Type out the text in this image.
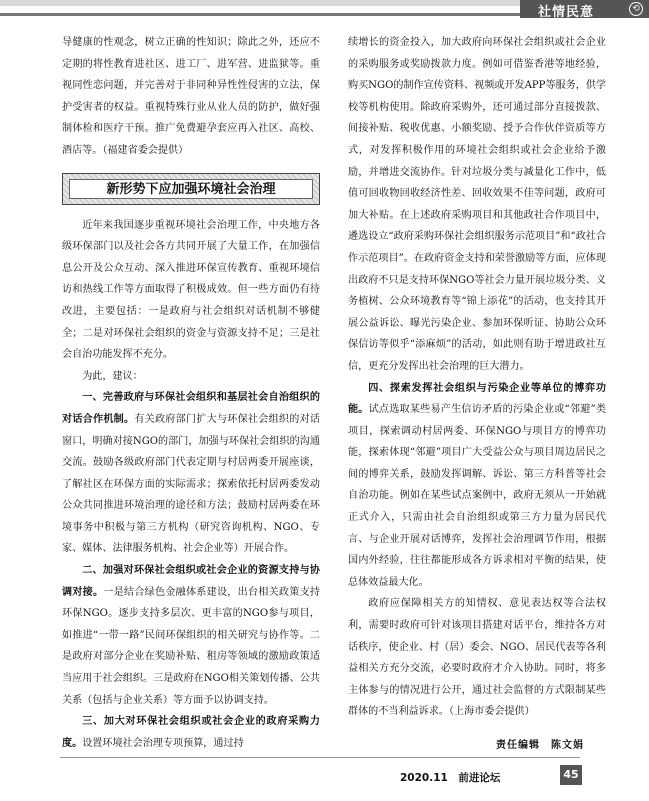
社情民意	⟲

导健康的性观念，树立正确的性知识；除此之外，还应不定期的将性教育进社区、进工厂、进军营、进监狱等。重视同性恋问题，并完善对于非同种异性性侵害的立法，保护受害者的权益。重视特殊行业从业人员的防护，做好强制体检和医疗干预。推广免费避孕套应再入社区、高校、酒店等。（福建省委会提供）

新形势下应加强环境社会治理

近年来我国逐步重视环境社会治理工作，中央地方各级环保部门以及社会各方共同开展了大量工作，在加强信息公开及公众互动、深入推进环保宣传教育、重视环境信访和热线工作等方面取得了积极成效。但一些方面仍有待改进，主要包括：一是政府与社会组织对话机制不够健全；二是对环保社会组织的资金与资源支持不足；三是社会自治功能发挥不充分。

为此，建议：

一、完善政府与环保社会组织和基层社会自治组织的对话合作机制。有关政府部门扩大与环保社会组织的对话窗口，明确对接NGO的部门，加强与环保社会组织的沟通交流。鼓励各级政府部门代表定期与村居两委开展座谈，了解社区在环保方面的实际需求；探索依托村居两委发动公众共同推进环境治理的途径和方法；鼓励村居两委在环境事务中积极与第三方机构（研究咨询机构、NGO、专家、媒体、法律服务机构、社会企业等）开展合作。

二、加强对环保社会组织或社会企业的资源支持与协调对接。一是结合绿色金融体系建设，出台相关政策支持环保NGO。逐步支持多层次、更丰富的NGO参与项目，如推进“一带一路”民间环保组织的相关研究与协作等。二是政府对部分企业在奖励补贴、租房等领域的激励政策适当应用于社会组织。三是政府在NGO相关策划传播、公共关系（包括与企业关系）等方面予以协调支持。

三、加大对环保社会组织或社会企业的政府采购力度。设置环境社会治理专项预算，通过持

续增长的资金投入，加大政府向环保社会组织或社会企业的采购服务或奖励拨款力度。例如可借鉴香港等地经验，购买NGO的制作宣传资料、视频或开发APP等服务，供学校等机构使用。除政府采购外，还可通过部分直接拨款、间接补贴、税收优惠、小额奖励、授予合作伙伴资质等方式，对发挥积极作用的环境社会组织或社会企业给予激励，并增进交流协作。针对垃圾分类与减量化工作中，低值可回收物回收经济性差、回收效果不佳等问题，政府可加大补贴。在上述政府采购项目和其他政社合作项目中，遴选设立“政府采购环保社会组织服务示范项目”和“政社合作示范项目”。在政府资金支持和荣誉激励等方面，应体现出政府不只是支持环保NGO等社会力量开展垃圾分类、义务植树、公众环境教育等“锦上添花”的活动，也支持其开展公益诉讼、曝光污染企业、参加环保听证、协助公众环保信访等似乎“添麻烦”的活动，如此则有助于增进政社互信，更充分发挥出社会治理的巨大潜力。

四、探索发挥社会组织与污染企业等单位的博弈功能。试点选取某些易产生信访矛盾的污染企业或“邻避”类项目，探索调动村居两委、环保NGO与项目方的博弈功能，探索体现“邻避”项目广大受益公众与项目周边居民之间的博弈关系，鼓励发挥调解、诉讼、第三方科普等社会自治功能。例如在某些试点案例中，政府无须从一开始就正式介入，只需由社会自治组织或第三方力量为居民代言、与企业开展对话博弈，发挥社会治理调节作用，根据国内外经验，往往都能形成各方诉求相对平衡的结果，使总体效益最大化。

政府应保障相关方的知情权、意见表达权等合法权利，需要时政府可针对该项目搭建对话平台，维持各方对话秩序，使企业、村（居）委会、NGO、居民代表等各利益相关方充分交流，必要时政府才介入协助。同时，将多主体参与的情况进行公开，通过社会监督的方式限制某些群体的不当利益诉求。（上海市委会提供）

责任编辑　陈文娟
2020.11　前进论坛	45
